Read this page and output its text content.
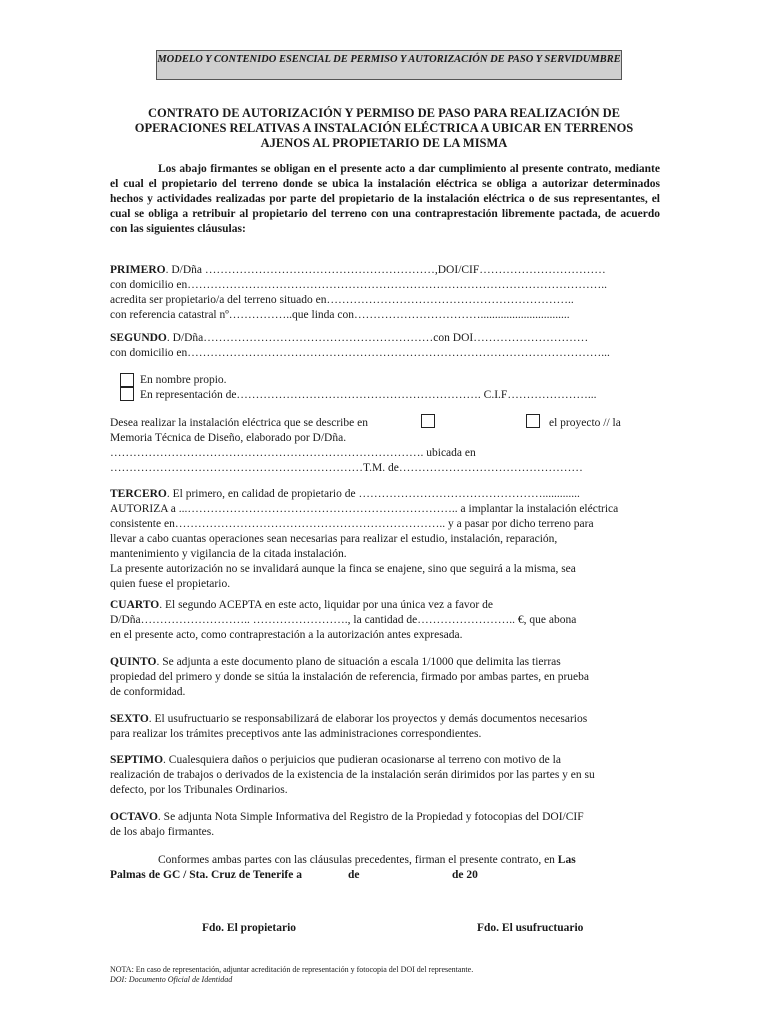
MODELO Y CONTENIDO ESENCIAL DE PERMISO Y AUTORIZACIÓN DE PASO Y SERVIDUMBRE
CONTRATO DE AUTORIZACIÓN Y PERMISO DE PASO PARA REALIZACIÓN DE
OPERACIONES RELATIVAS A INSTALACIÓN ELÉCTRICA A UBICAR EN TERRENOS
AJENOS AL PROPIETARIO DE LA MISMA
Los abajo firmantes se obligan en el presente acto a dar cumplimiento al presente contrato, mediante el cual el propietario del terreno donde se ubica la instalación eléctrica se obliga a autorizar determinados hechos y actividades realizadas por parte del propietario de la instalación eléctrica o de sus representantes, el cual se obliga a retribuir al propietario del terreno con una contraprestación libremente pactada, de acuerdo con las siguientes cláusulas:
PRIMERO. D/Dña ……………………………………………………,DOI/CIF……………………………
con domicilio en………………………………………………………………………………………………..
acredita ser propietario/a del terreno situado en………………………………………………………..
con referencia catastral nº……………..que linda con……………………………...............................
SEGUNDO. D/Dña……………………………………………………con DOI…………………………
con domicilio en………………………………………………………………………………………………...
En nombre propio.
En representación de………………………………………………………. C.I.F…………………...
Desea realizar la instalación eléctrica que se describe en	el proyecto // la
Memoria Técnica de Diseño, elaborado por D/Dña.
………………………………………………………………………. ubicada en
…………………………………………………………T.M. de…………………………………………
TERCERO. El primero, en calidad de propietario de ………………………………………….............
AUTORIZA a ...…………………………………………………………….. a implantar la instalación eléctrica
consistente en…………………………………………………………….. y a pasar por dicho terreno para
llevar a cabo cuantas operaciones sean necesarias para realizar el estudio, instalación, reparación,
mantenimiento y vigilancia de la citada instalación.
La presente autorización no se invalidará aunque la finca se enajene, sino que seguirá a la misma, sea
quien fuese el propietario.
CUARTO. El segundo ACEPTA en este acto, liquidar por una única vez a favor de
D/Dña……………………….. ……………………., la cantidad de…………………….. €, que abona
en el presente acto, como contraprestación a la autorización antes expresada.
QUINTO. Se adjunta a este documento plano de situación a escala 1/1000 que delimita las tierras
propiedad del primero y donde se sitúa la instalación de referencia, firmado por ambas partes, en prueba
de conformidad.
SEXTO. El usufructuario se responsabilizará de elaborar los proyectos y demás documentos necesarios
para realizar los trámites preceptivos ante las administraciones correspondientes.
SEPTIMO. Cualesquiera daños o perjuicios que pudieran ocasionarse al terreno con motivo de la
realización de trabajos o derivados de la existencia de la instalación serán dirimidos por las partes y en su
defecto, por los Tribunales Ordinarios.
OCTAVO. Se adjunta Nota Simple Informativa del Registro de la Propiedad y fotocopias del DOI/CIF
de los abajo firmantes.
Conformes ambas partes con las cláusulas precedentes, firman el presente contrato, en Las
Palmas de GC / Sta. Cruz de Tenerife a	de	de 20
Fdo. El propietario	Fdo. El usufructuario
NOTA: En caso de representación, adjuntar acreditación de representación y fotocopia del DOI del representante.
DOI: Documento Oficial de Identidad
